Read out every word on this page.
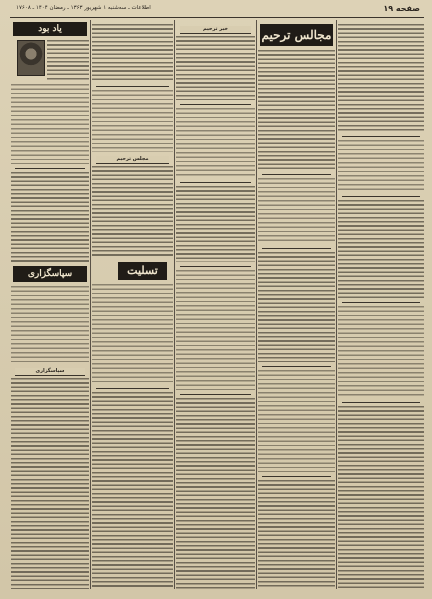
صفحه ۱۹
اطلاعات ـ سه‌شنبه ۱ شهریور ۱۳۶۳ ـ رمضان ۱۴۰۴ ـ ۱۷۶۰۸
مجالس ترحیم
خبر ترحیم
مجلس ترحیم
تسلیت
یاد بود
سپاسگزاری
سپاسگزاری
